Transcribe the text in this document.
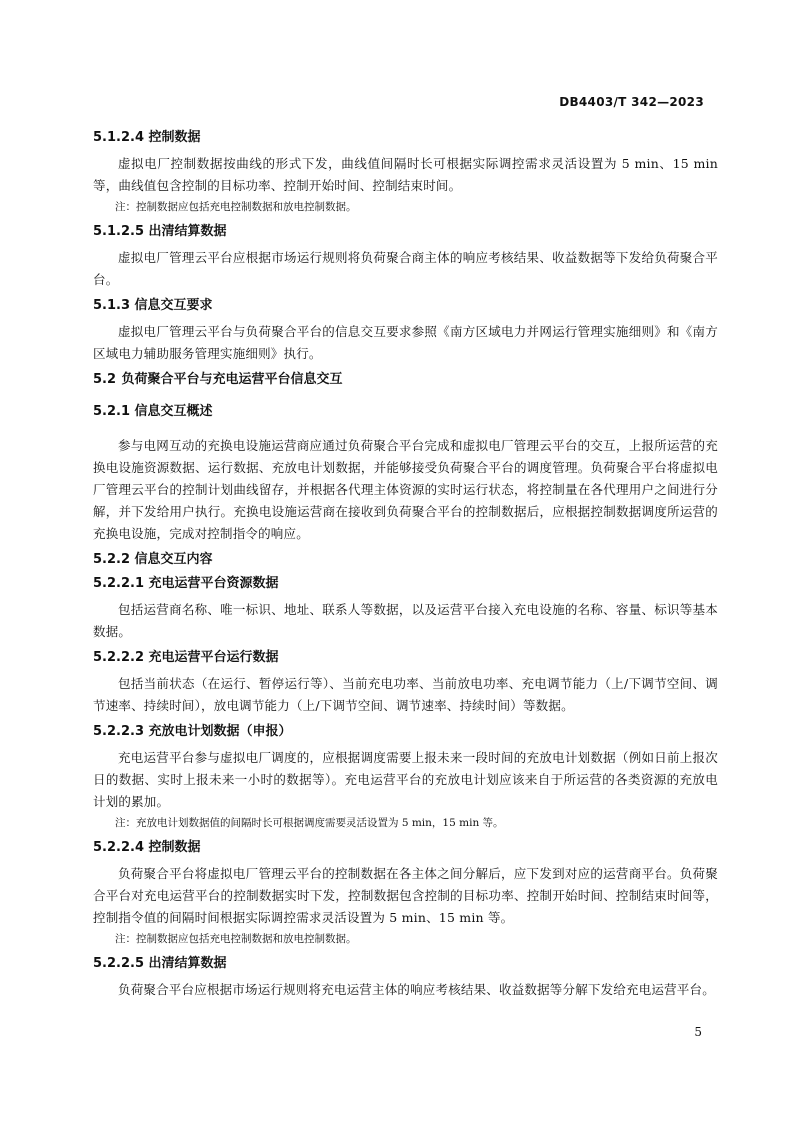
DB4403/T 342—2023
5.1.2.4 控制数据

虚拟电厂控制数据按曲线的形式下发，曲线值间隔时长可根据实际调控需求灵活设置为 5 min、15 min 等，曲线值包含控制的目标功率、控制开始时间、控制结束时间。

注：控制数据应包括充电控制数据和放电控制数据。
5.1.2.5 出清结算数据

虚拟电厂管理云平台应根据市场运行规则将负荷聚合商主体的响应考核结果、收益数据等下发给负荷聚合平台。

5.1.3 信息交互要求

虚拟电厂管理云平台与负荷聚合平台的信息交互要求参照《南方区域电力并网运行管理实施细则》和《南方区域电力辅助服务管理实施细则》执行。

5.2 负荷聚合平台与充电运营平台信息交互
5.2.1 信息交互概述

参与电网互动的充换电设施运营商应通过负荷聚合平台完成和虚拟电厂管理云平台的交互，上报所运营的充换电设施资源数据、运行数据、充放电计划数据，并能够接受负荷聚合平台的调度管理。负荷聚合平台将虚拟电厂管理云平台的控制计划曲线留存，并根据各代理主体资源的实时运行状态，将控制量在各代理用户之间进行分解，并下发给用户执行。充换电设施运营商在接收到负荷聚合平台的控制数据后，应根据控制数据调度所运营的充换电设施，完成对控制指令的响应。

5.2.2 信息交互内容
5.2.2.1 充电运营平台资源数据

包括运营商名称、唯一标识、地址、联系人等数据，以及运营平台接入充电设施的名称、容量、标识等基本数据。

5.2.2.2 充电运营平台运行数据

包括当前状态（在运行、暂停运行等）、当前充电功率、当前放电功率、充电调节能力（上/下调节空间、调节速率、持续时间），放电调节能力（上/下调节空间、调节速率、持续时间）等数据。

5.2.2.3 充放电计划数据（申报）

充电运营平台参与虚拟电厂调度的，应根据调度需要上报未来一段时间的充放电计划数据（例如日前上报次日的数据、实时上报未来一小时的数据等）。充电运营平台的充放电计划应该来自于所运营的各类资源的充放电计划的累加。

注：充放电计划数据值的间隔时长可根据调度需要灵活设置为 5 min，15 min 等。
5.2.2.4 控制数据

负荷聚合平台将虚拟电厂管理云平台的控制数据在各主体之间分解后，应下发到对应的运营商平台。负荷聚合平台对充电运营平台的控制数据实时下发，控制数据包含控制的目标功率、控制开始时间、控制结束时间等，控制指令值的间隔时间根据实际调控需求灵活设置为 5 min、15 min 等。

注：控制数据应包括充电控制数据和放电控制数据。
5.2.2.5 出清结算数据

负荷聚合平台应根据市场运行规则将充电运营主体的响应考核结果、收益数据等分解下发给充电运营平台。

5
